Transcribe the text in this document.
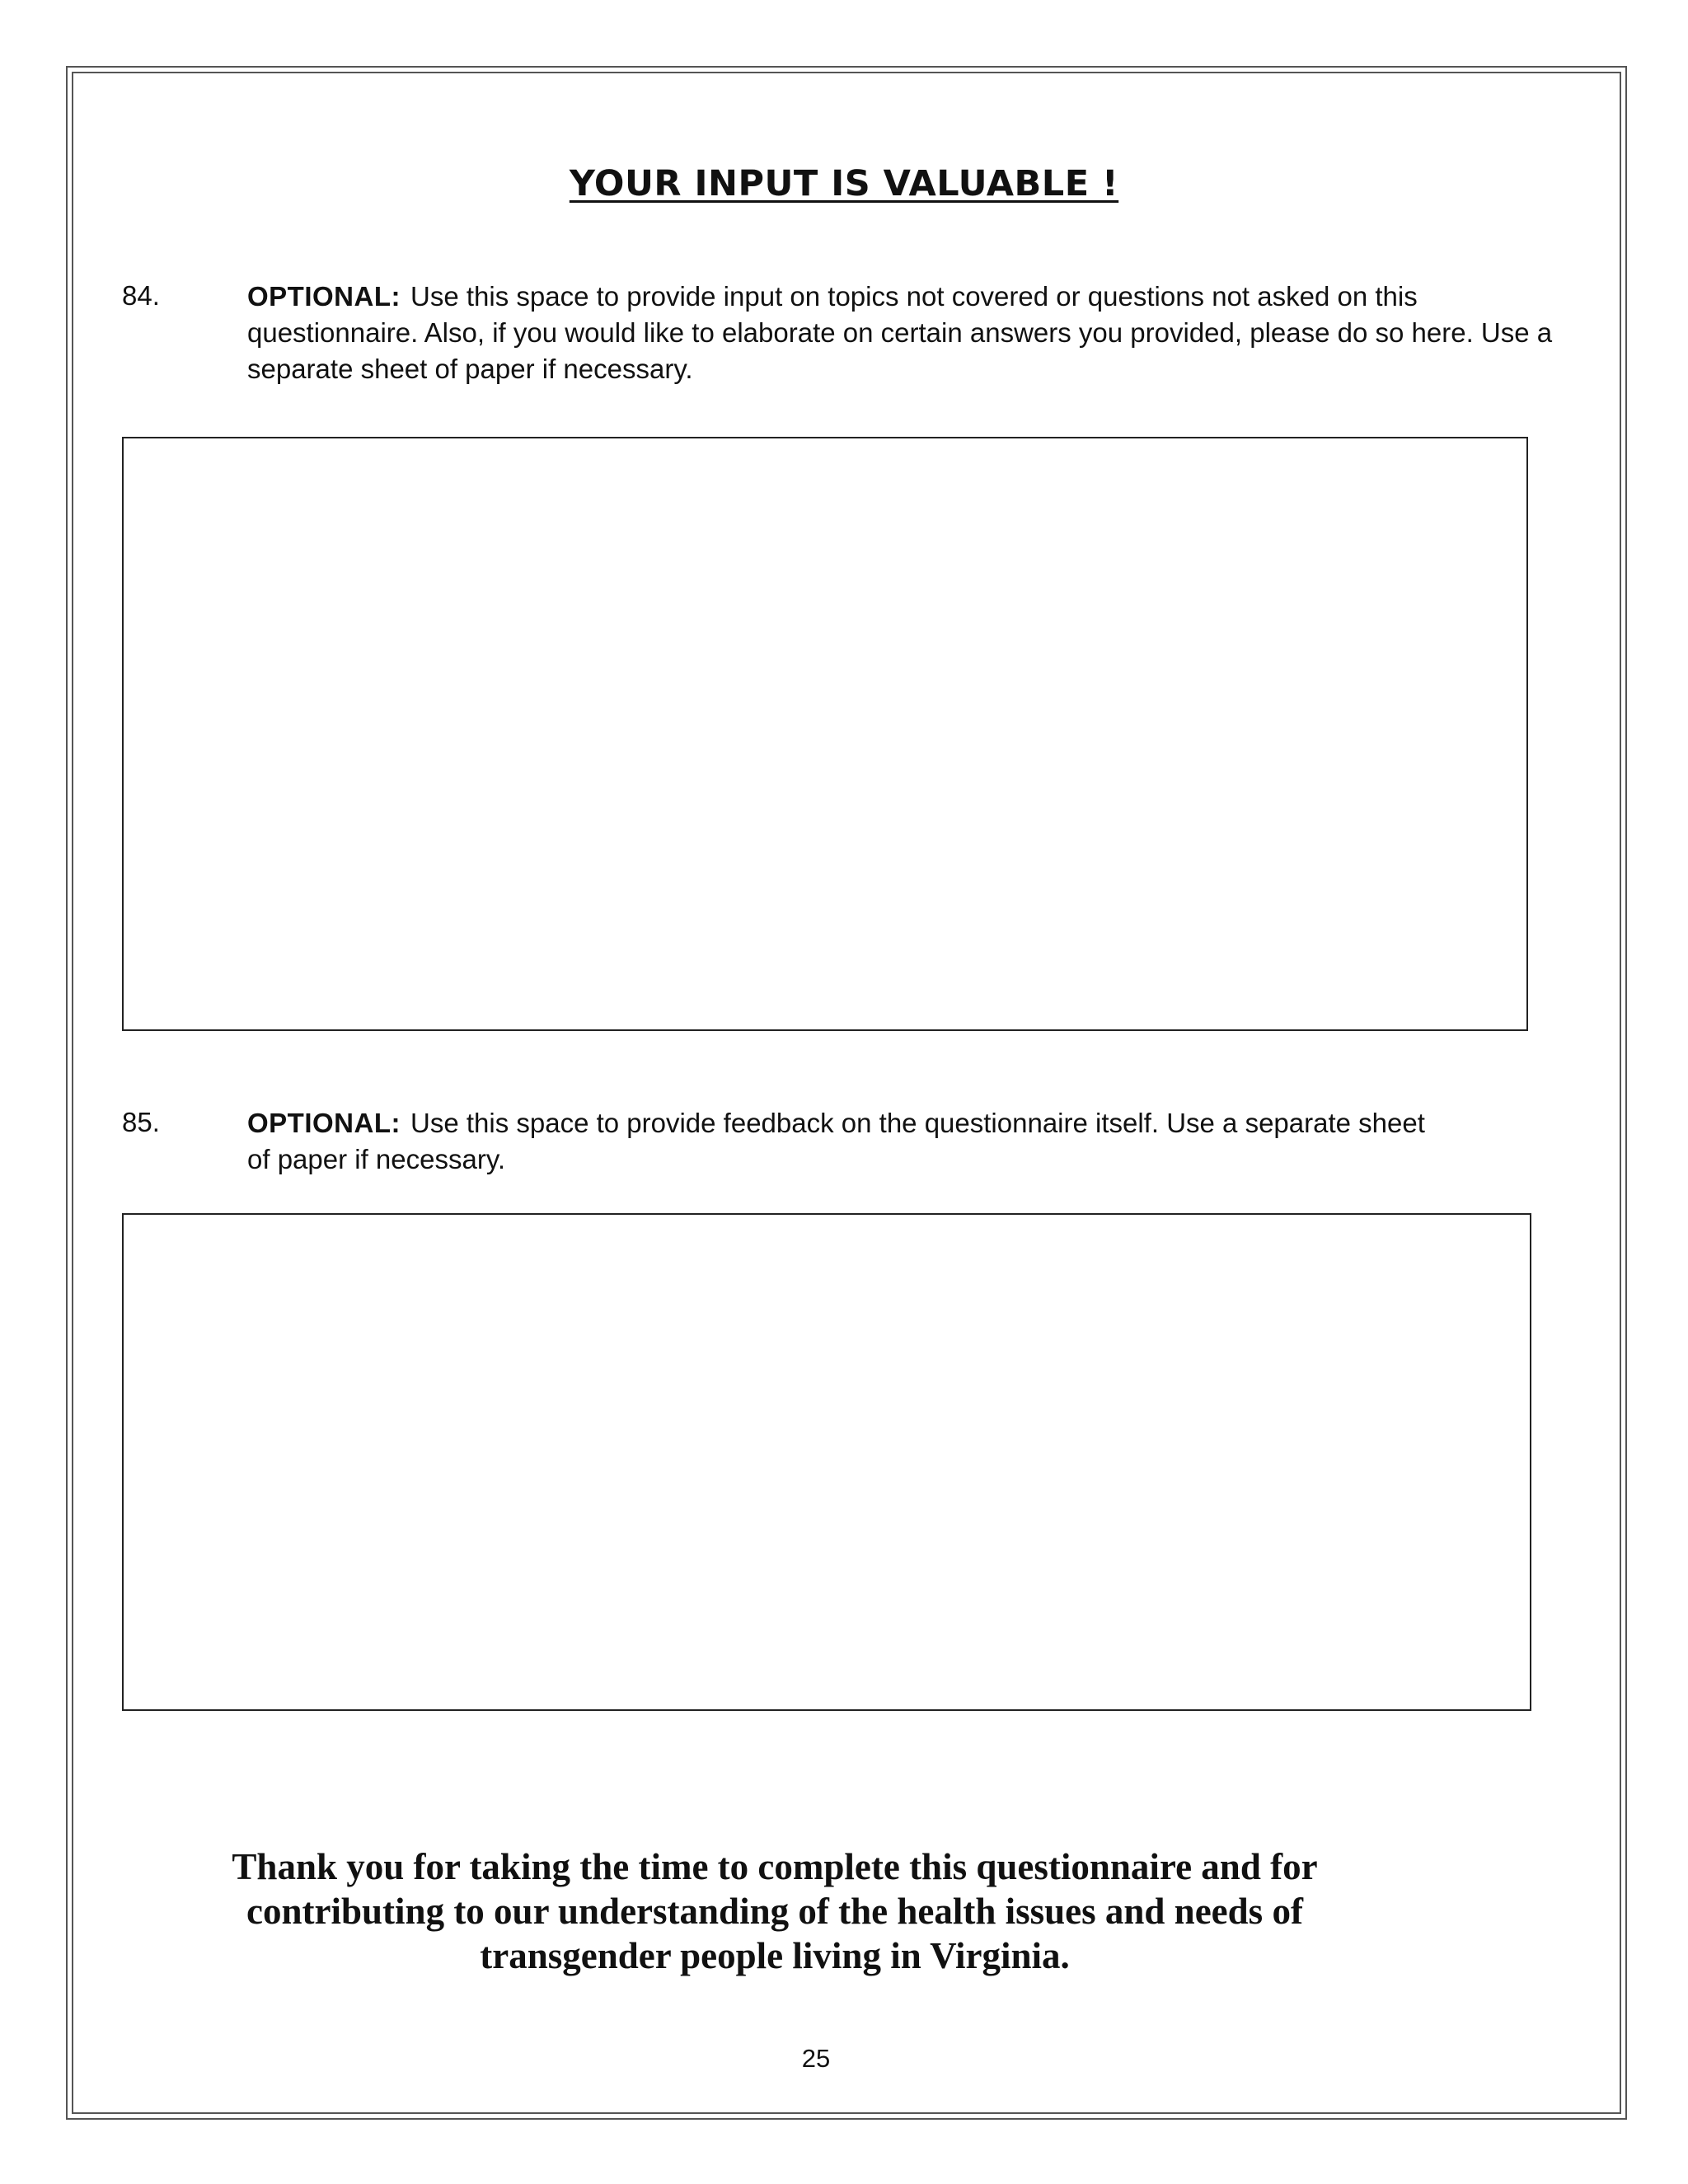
YOUR INPUT IS VALUABLE !
84.	OPTIONAL: Use this space to provide input on topics not covered or questions not asked on this questionnaire. Also, if you would like to elaborate on certain answers you provided, please do so here. Use a separate sheet of paper if necessary.
85.	OPTIONAL: Use this space to provide feedback on the questionnaire itself. Use a separate sheet of paper if necessary.
Thank you for taking the time to complete this questionnaire and for contributing to our understanding of the health issues and needs of transgender people living in Virginia.
25
